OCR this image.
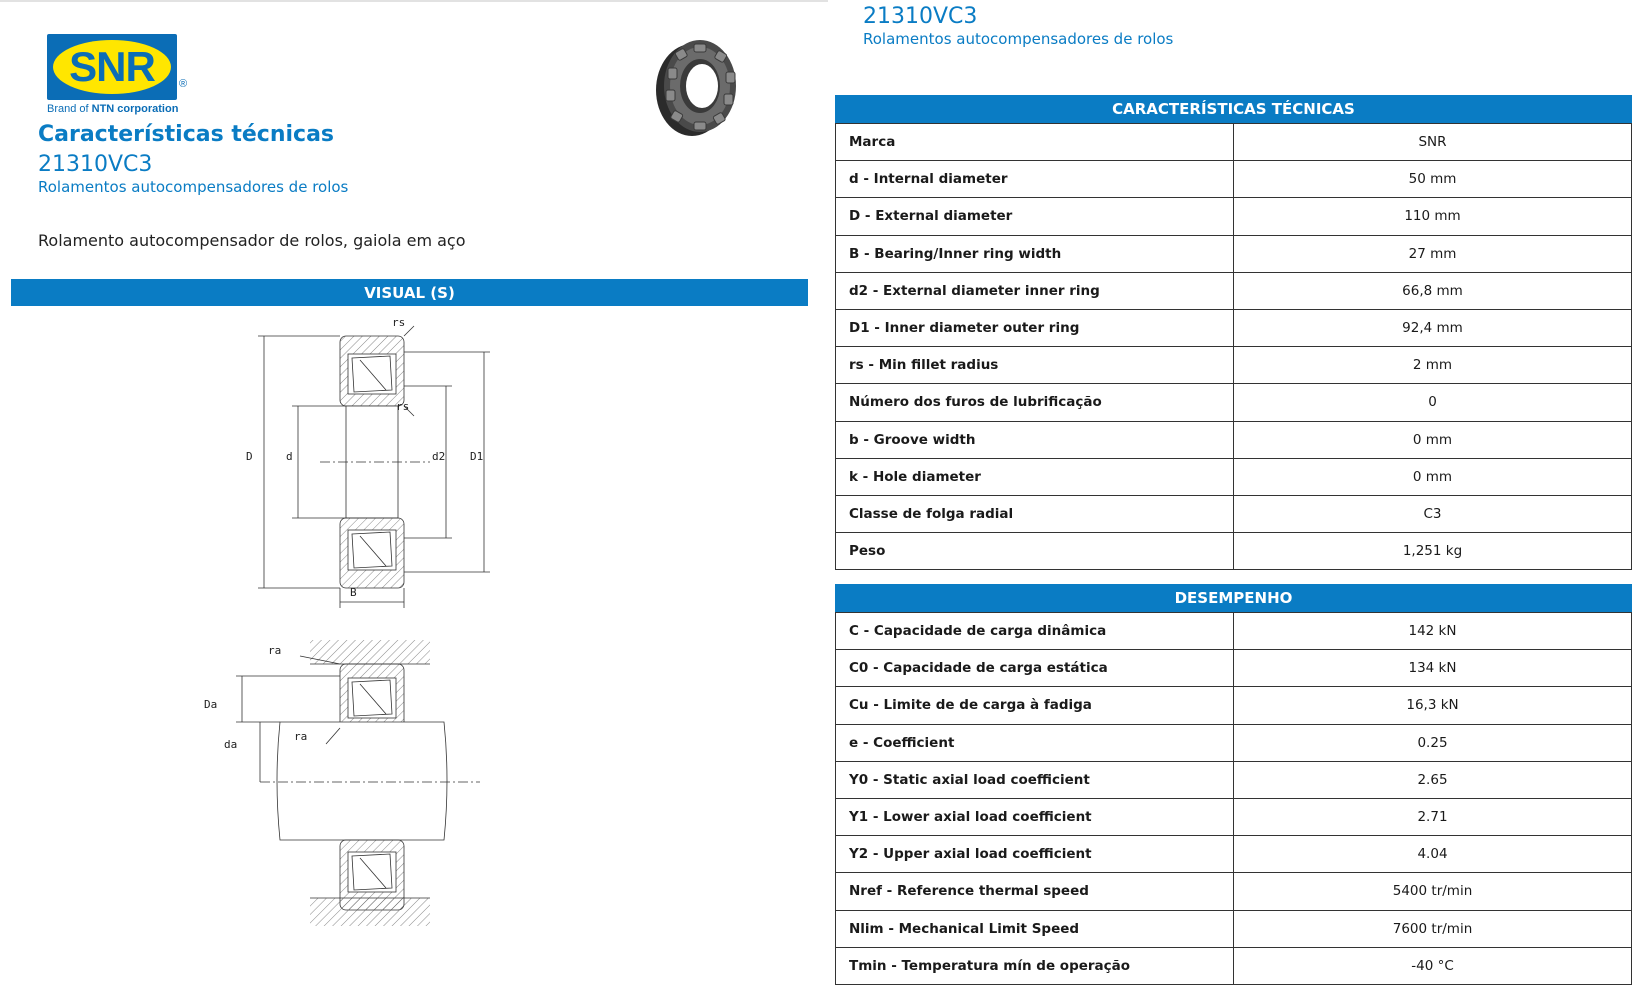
SNR	®
Brand of NTN corporation
Características técnicas
21310VC3
Rolamentos autocompensadores de rolos
Rolamento autocompensador de rolos, gaiola em aço
VISUAL (S)
rs
rs
D	d	d2 D1
B
ra
Da
da
ra
21310VC3
Rolamentos autocompensadores de rolos
CARACTERÍSTICAS TÉCNICAS
Marca	SNR
d - Internal diameter	50 mm
D - External diameter	110 mm
B - Bearing/Inner ring width	27 mm
d2 - External diameter inner ring	66,8 mm
D1 - Inner diameter outer ring	92,4 mm
rs - Min fillet radius	2 mm
Número dos furos de lubrificação	0
b - Groove width	0 mm
k - Hole diameter	0 mm
Classe de folga radial	C3
Peso	1,251 kg
DESEMPENHO
C - Capacidade de carga dinâmica	142 kN
C0 - Capacidade de carga estática	134 kN
Cu - Limite de de carga à fadiga	16,3 kN
e - Coefficient	0.25
Y0 - Static axial load coefficient	2.65
Y1 - Lower axial load coefficient	2.71
Y2 - Upper axial load coefficient	4.04
Nref - Reference thermal speed	5400 tr/min
Nlim - Mechanical Limit Speed	7600 tr/min
Tmin - Temperatura mín de operação	-40 °C
